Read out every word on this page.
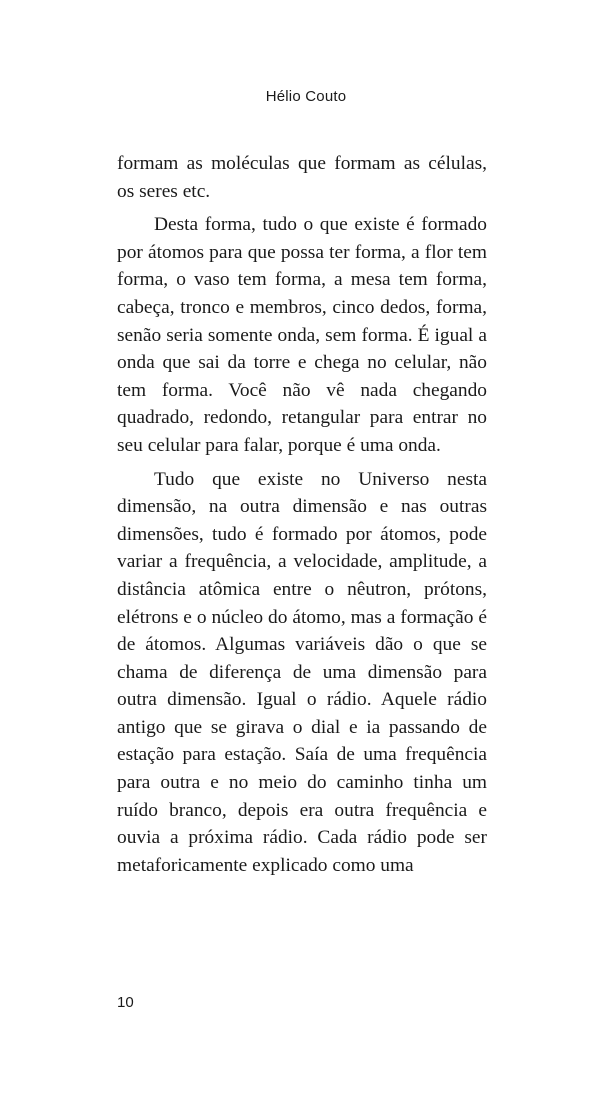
Hélio Couto

formam as moléculas que formam as células, os seres etc.

Desta forma, tudo o que existe é formado por átomos para que possa ter forma, a flor tem forma, o vaso tem forma, a mesa tem forma, cabeça, tronco e membros, cinco dedos, forma, senão seria somente onda, sem forma. É igual a onda que sai da torre e chega no celular, não tem forma. Você não vê nada chegando quadrado, redondo, retangular para entrar no seu celular para falar, porque é uma onda.

Tudo que existe no Universo nesta dimensão, na outra dimensão e nas outras dimensões, tudo é formado por átomos, pode variar a frequência, a velocidade, amplitude, a distância atômica entre o nêutron, prótons, elétrons e o núcleo do átomo, mas a formação é de átomos. Algumas variáveis dão o que se chama de diferença de uma dimensão para outra dimensão. Igual o rádio. Aquele rádio antigo que se girava o dial e ia passando de estação para estação. Saía de uma frequência para outra e no meio do caminho tinha um ruído branco, depois era outra frequência e ouvia a próxima rádio. Cada rádio pode ser metaforicamente explicado como uma

10
